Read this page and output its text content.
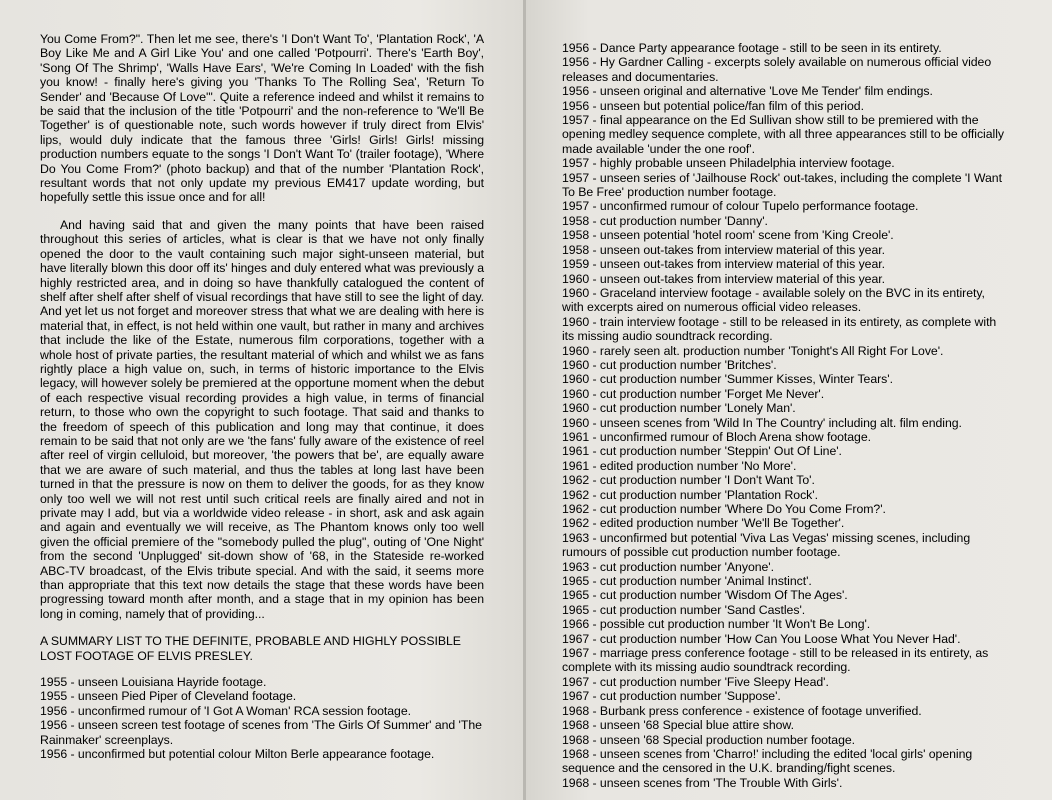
You Come From?". Then let me see, there's 'I Don't Want To', 'Plantation Rock', 'A Boy Like Me and A Girl Like You' and one called 'Potpourri'. There's 'Earth Boy', 'Song Of The Shrimp', 'Walls Have Ears', 'We're Coming In Loaded' with the fish you know! - finally here's giving you 'Thanks To The Rolling Sea', 'Return To Sender' and 'Because Of Love'". Quite a reference indeed and whilst it remains to be said that the inclusion of the title 'Potpourri' and the non-reference to 'We'll Be Together' is of questionable note, such words however if truly direct from Elvis' lips, would duly indicate that the famous three 'Girls! Girls! Girls! missing production numbers equate to the songs 'I Don't Want To' (trailer footage), 'Where Do You Come From?' (photo backup) and that of the number 'Plantation Rock', resultant words that not only update my previous EM417 update wording, but hopefully settle this issue once and for all!

And having said that and given the many points that have been raised throughout this series of articles, what is clear is that we have not only finally opened the door to the vault containing such major sight-unseen material, but have literally blown this door off its' hinges and duly entered what was previously a highly restricted area, and in doing so have thankfully catalogued the content of shelf after shelf after shelf of visual recordings that have still to see the light of day. And yet let us not forget and moreover stress that what we are dealing with here is material that, in effect, is not held within one vault, but rather in many and archives that include the like of the Estate, numerous film corporations, together with a whole host of private parties, the resultant material of which and whilst we as fans rightly place a high value on, such, in terms of historic importance to the Elvis legacy, will however solely be premiered at the opportune moment when the debut of each respective visual recording provides a high value, in terms of financial return, to those who own the copyright to such footage. That said and thanks to the freedom of speech of this publication and long may that continue, it does remain to be said that not only are we 'the fans' fully aware of the existence of reel after reel of virgin celluloid, but moreover, 'the powers that be', are equally aware that we are aware of such material, and thus the tables at long last have been turned in that the pressure is now on them to deliver the goods, for as they know only too well we will not rest until such critical reels are finally aired and not in private may I add, but via a worldwide video release - in short, ask and ask again and again and eventually we will receive, as The Phantom knows only too well given the official premiere of the "somebody pulled the plug", outing of 'One Night' from the second 'Unplugged' sit-down show of '68, in the Stateside re-worked ABC-TV broadcast, of the Elvis tribute special. And with the said, it seems more than appropriate that this text now details the stage that these words have been progressing toward month after month, and a stage that in my opinion has been long in coming, namely that of providing...

A SUMMARY LIST TO THE DEFINITE, PROBABLE AND HIGHLY POSSIBLE LOST FOOTAGE OF ELVIS PRESLEY.

1955 - unseen Louisiana Hayride footage.

1955 - unseen Pied Piper of Cleveland footage.

1956 - unconfirmed rumour of 'I Got A Woman' RCA session footage.

1956 - unseen screen test footage of scenes from 'The Girls Of Summer' and 'The Rainmaker' screenplays.

1956 - unconfirmed but potential colour Milton Berle appearance footage.

1956 - Dance Party appearance footage - still to be seen in its entirety.

1956 - Hy Gardner Calling - excerpts solely available on numerous official video releases and documentaries.

1956 - unseen original and alternative 'Love Me Tender' film endings.

1956 - unseen but potential police/fan film of this period.

1957 - final appearance on the Ed Sullivan show still to be premiered with the opening medley sequence complete, with all three appearances still to be officially made available 'under the one roof'.

1957 - highly probable unseen Philadelphia interview footage.

1957 - unseen series of 'Jailhouse Rock' out-takes, including the complete 'I Want To Be Free' production number footage.

1957 - unconfirmed rumour of colour Tupelo performance footage.

1958 - cut production number 'Danny'.

1958 - unseen potential 'hotel room' scene from 'King Creole'.

1958 - unseen out-takes from interview material of this year.

1959 - unseen out-takes from interview material of this year.

1960 - unseen out-takes from interview material of this year.

1960 - Graceland interview footage - available solely on the BVC in its entirety, with excerpts aired on numerous official video releases.

1960 - train interview footage - still to be released in its entirety, as complete with its missing audio soundtrack recording.

1960 - rarely seen alt. production number 'Tonight's All Right For Love'.

1960 - cut production number 'Britches'.

1960 - cut production number 'Summer Kisses, Winter Tears'.

1960 - cut production number 'Forget Me Never'.

1960 - cut production number 'Lonely Man'.

1960 - unseen scenes from 'Wild In The Country' including alt. film ending.

1961 - unconfirmed rumour of Bloch Arena show footage.

1961 - cut production number 'Steppin' Out Of Line'.

1961 - edited production number 'No More'.

1962 - cut production number 'I Don't Want To'.

1962 - cut production number 'Plantation Rock'.

1962 - cut production number 'Where Do You Come From?'.

1962 - edited production number 'We'll Be Together'.

1963 - unconfirmed but potential 'Viva Las Vegas' missing scenes, including rumours of possible cut production number footage.

1963 - cut production number 'Anyone'.

1965 - cut production number 'Animal Instinct'.

1965 - cut production number 'Wisdom Of The Ages'.

1965 - cut production number 'Sand Castles'.

1966 - possible cut production number 'It Won't Be Long'.

1967 - cut production number 'How Can You Loose What You Never Had'.

1967 - marriage press conference footage - still to be released in its entirety, as complete with its missing audio soundtrack recording.

1967 - cut production number 'Five Sleepy Head'.

1967 - cut production number 'Suppose'.

1968 - Burbank press conference - existence of footage unverified.

1968 - unseen '68 Special blue attire show.

1968 - unseen '68 Special production number footage.

1968 - unseen scenes from 'Charro!' including the edited 'local girls' opening sequence and the censored in the U.K. branding/fight scenes.

1968 - unseen scenes from 'The Trouble With Girls'.
